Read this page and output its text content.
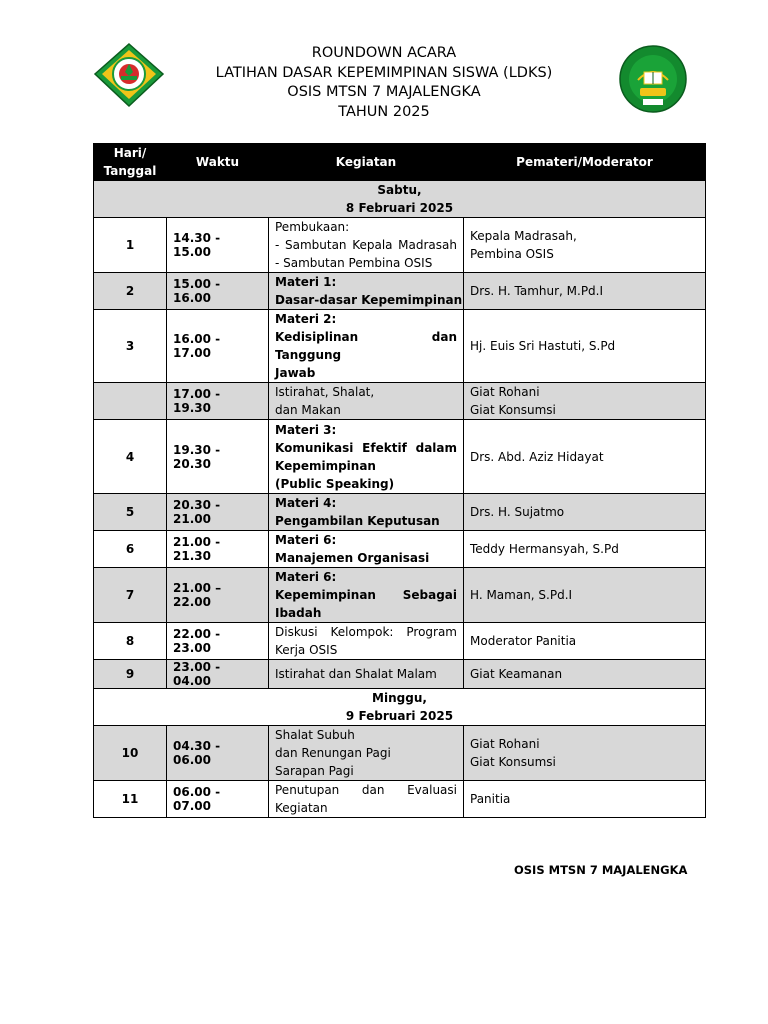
ROUNDOWN ACARA
LATIHAN DASAR KEPEMIMPINAN SISWA (LDKS)
OSIS MTSN 7 MAJALENGKA
TAHUN 2025
Hari/
Tanggal	Waktu	Kegiatan	Pemateri/Moderator

Sabtu,
8 Februari 2025			

1	14.30 - 15.00	Pembukaan:
- Sambutan Kepala Madrasah
- Sambutan Pembina OSIS	Kepala Madrasah,
Pembina OSIS

2	15.00 - 16.00	Materi 1:
Dasar-dasar Kepemimpinan	Drs. H. Tamhur, M.Pd.I

3	16.00 - 17.00	Materi 2:
Kedisiplinan dan Tanggung
Jawab	Hj. Euis Sri Hastuti, S.Pd

	17.00 - 19.30	Istirahat, Shalat,
dan Makan	Giat Rohani
Giat Konsumsi

4	19.30 - 20.30	Materi 3:
Komunikasi Efektif dalam
Kepemimpinan
(Public Speaking)	Drs. Abd. Aziz Hidayat

5	20.30 - 21.00	Materi 4:
Pengambilan Keputusan	Drs. H. Sujatmo

6	21.00 - 21.30	Materi 6:
Manajemen Organisasi	Teddy Hermansyah, S.Pd

7	21.00 – 22.00	Materi 6:
Kepemimpinan Sebagai
Ibadah	H. Maman, S.Pd.I

8	22.00 - 23.00	Diskusi Kelompok: Program
Kerja OSIS	Moderator Panitia

9	23.00 - 04.00	Istirahat dan Shalat Malam	Giat Keamanan

Minggu,
9 Februari 2025			

10	04.30 - 06.00	Shalat Subuh
dan Renungan Pagi
Sarapan Pagi	Giat Rohani
Giat Konsumsi

11	06.00 - 07.00	Penutupan dan Evaluasi
Kegiatan	Panitia
OSIS MTSN 7 MAJALENGKA
